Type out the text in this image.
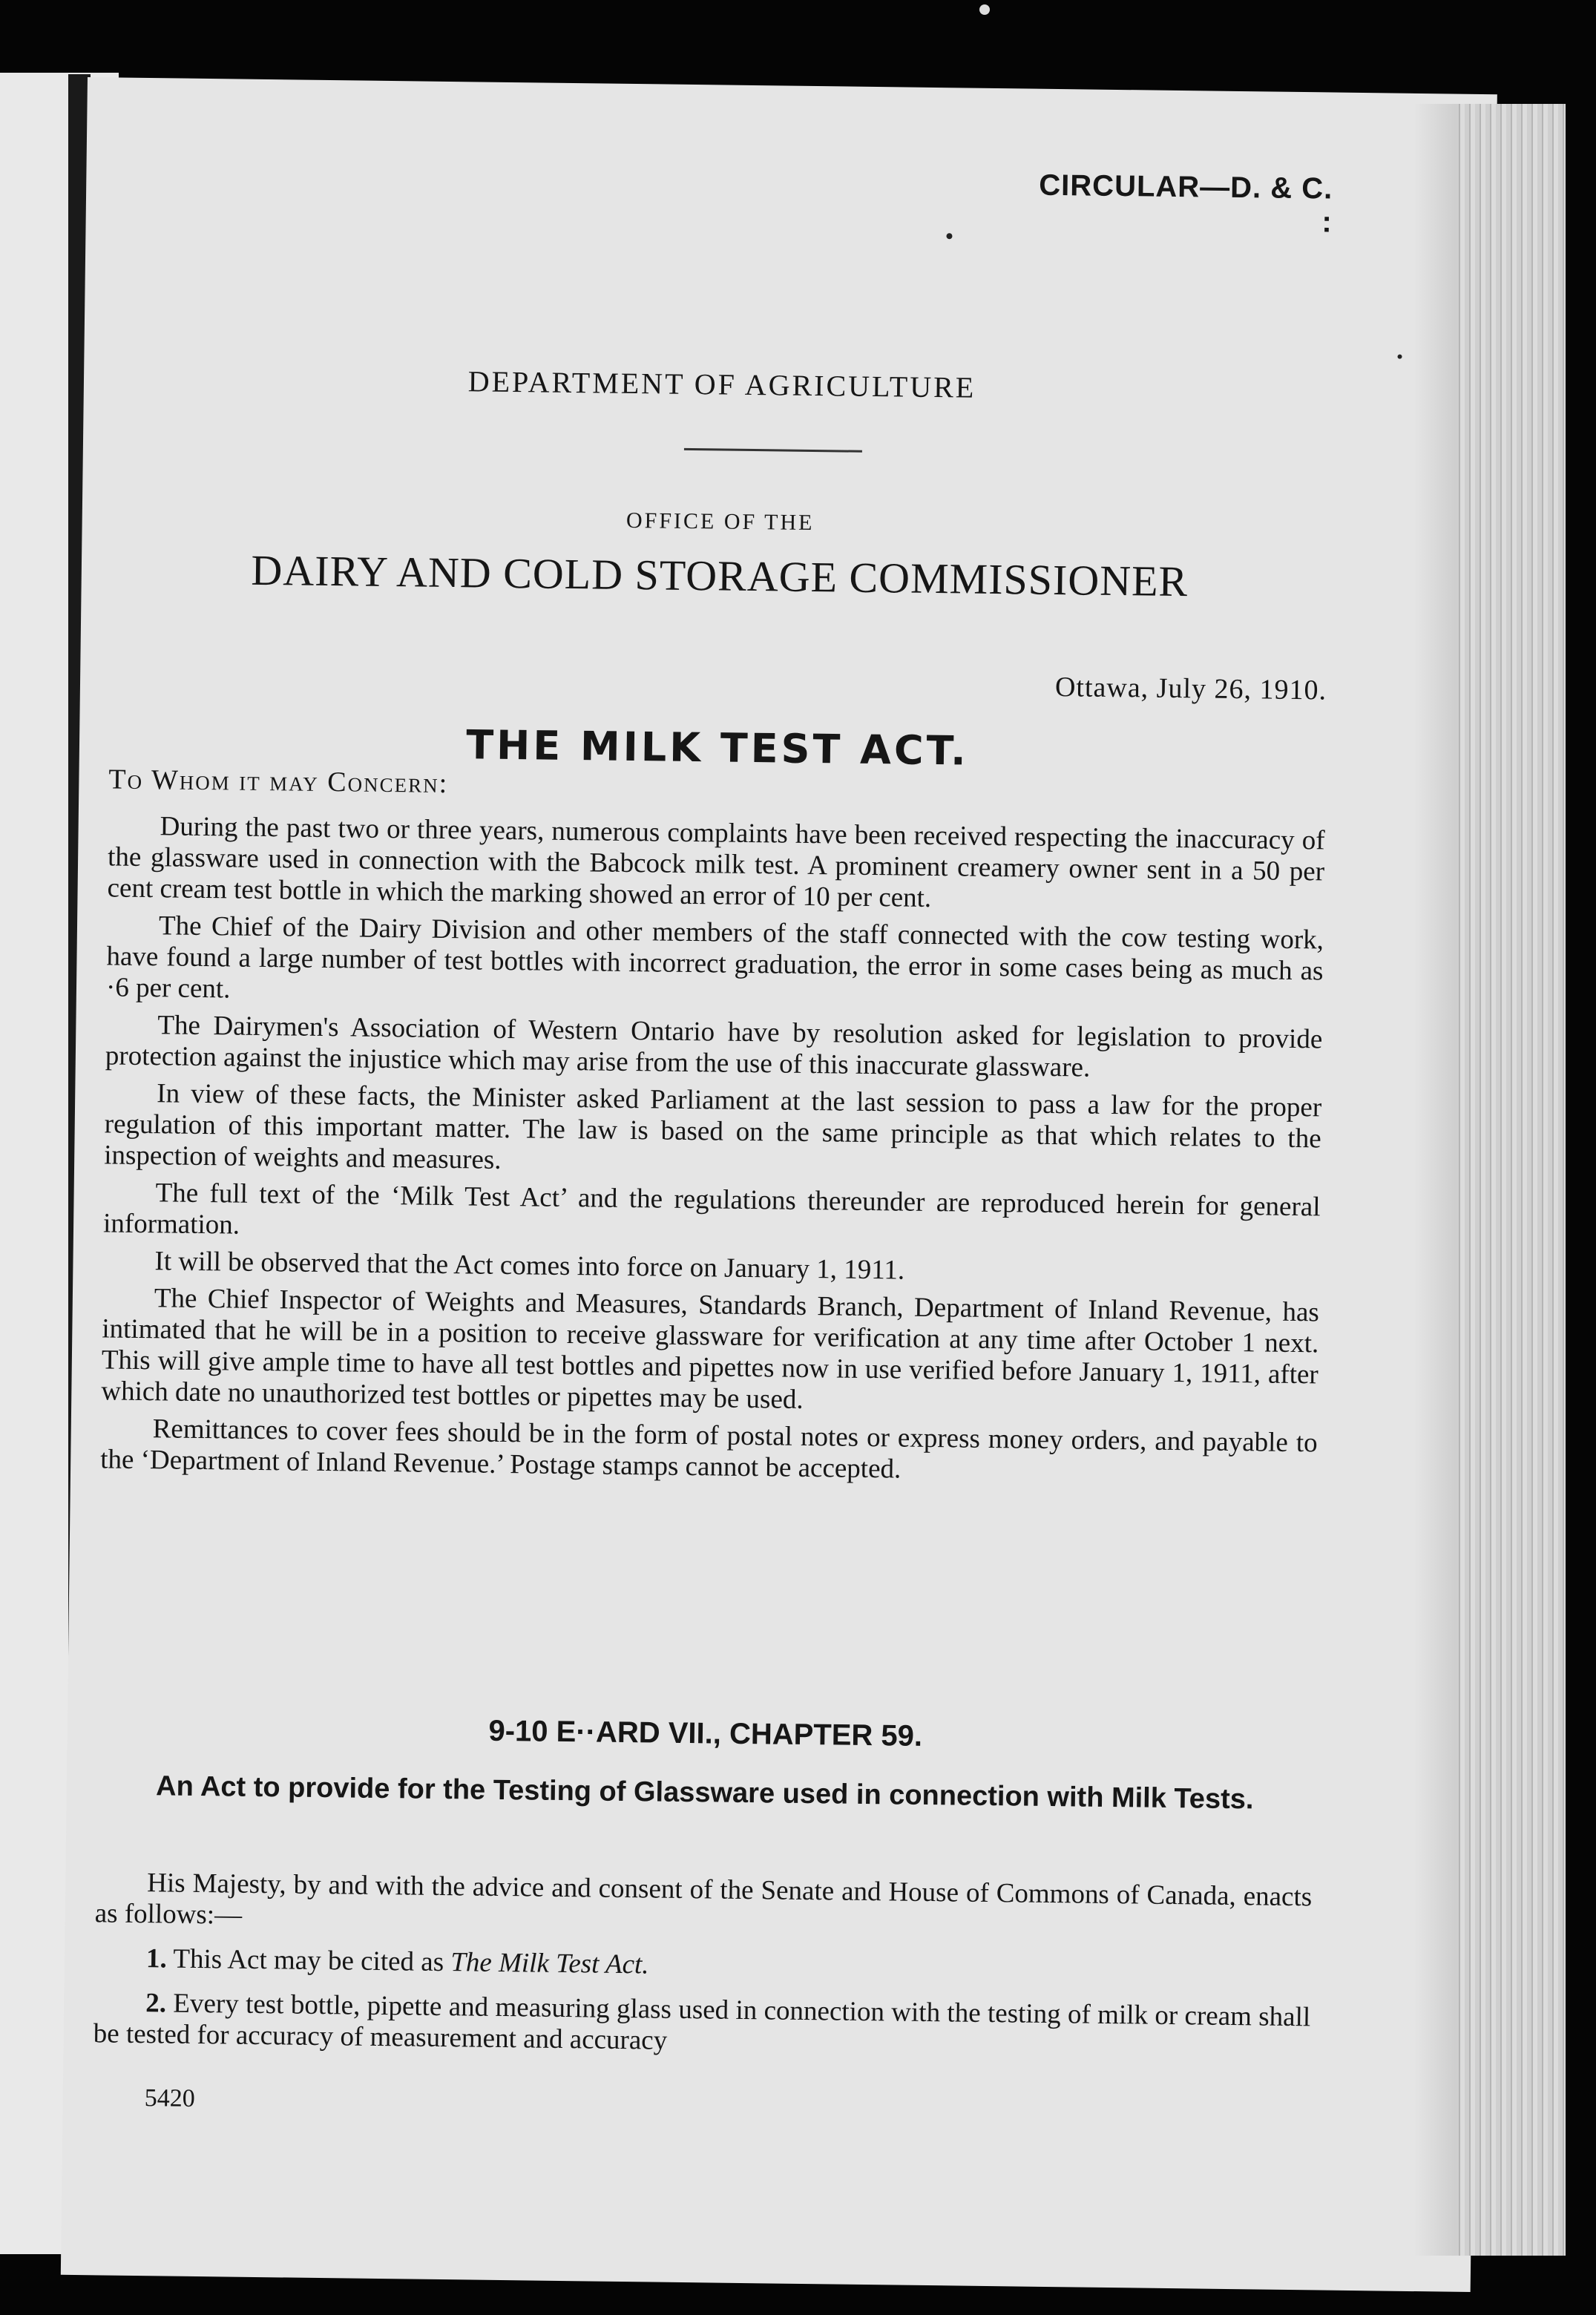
CIRCULAR—D. & C. :
DEPARTMENT OF AGRICULTURE
OFFICE OF THE
DAIRY AND COLD STORAGE COMMISSIONER
Ottawa, July 26, 1910.
THE MILK TEST ACT.
To Whom it may Concern:

During the past two or three years, numerous complaints have been received respecting the inaccuracy of the glassware used in connection with the Babcock milk test. A prominent creamery owner sent in a 50 per cent cream test bottle in which the marking showed an error of 10 per cent.

The Chief of the Dairy Division and other members of the staff connected with the cow testing work, have found a large number of test bottles with incorrect graduation, the error in some cases being as much as ·6 per cent.

The Dairymen's Association of Western Ontario have by resolution asked for legislation to provide protection against the injustice which may arise from the use of this inaccurate glassware.

In view of these facts, the Minister asked Parliament at the last session to pass a law for the proper regulation of this important matter. The law is based on the same principle as that which relates to the inspection of weights and measures.

The full text of the ‘Milk Test Act’ and the regulations thereunder are reproduced herein for general information.

It will be observed that the Act comes into force on January 1, 1911.

The Chief Inspector of Weights and Measures, Standards Branch, Department of Inland Revenue, has intimated that he will be in a position to receive glassware for verification at any time after October 1 next. This will give ample time to have all test bottles and pipettes now in use verified before January 1, 1911, after which date no unauthorized test bottles or pipettes may be used.

Remittances to cover fees should be in the form of postal notes or express money orders, and payable to the ‘Department of Inland Revenue.’ Postage stamps cannot be accepted.

9-10 E··ARD VII., CHAPTER 59.
An Act to provide for the Testing of Glassware used in connection with Milk Tests.

His Majesty, by and with the advice and consent of the Senate and House of Commons of Canada, enacts as follows:—

1. This Act may be cited as The Milk Test Act.

2. Every test bottle, pipette and measuring glass used in connection with the testing of milk or cream shall be tested for accuracy of measurement and accuracy

5420
